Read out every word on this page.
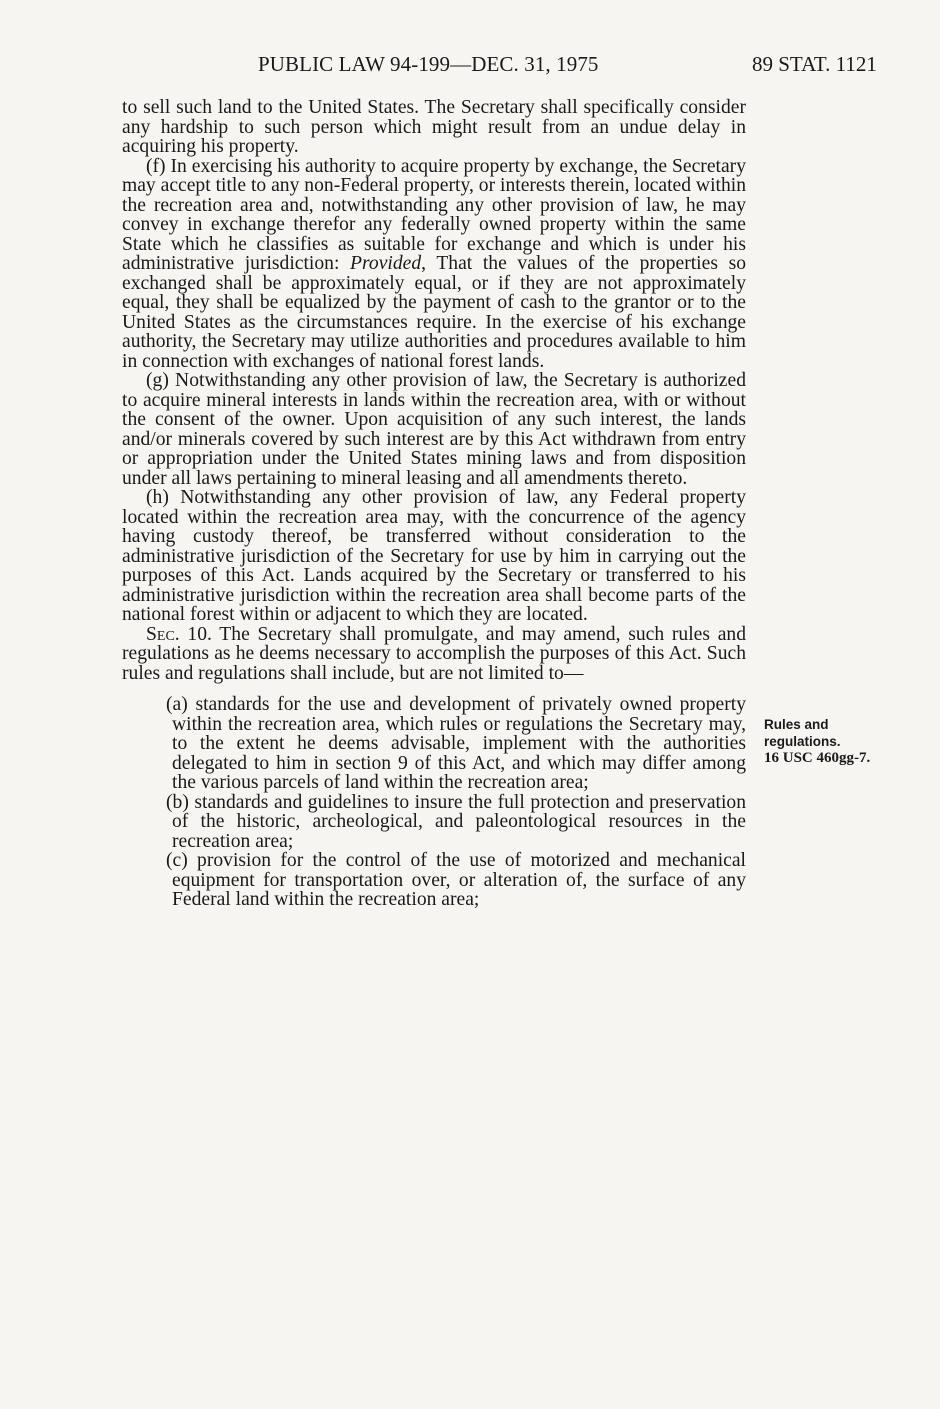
PUBLIC LAW 94-199—DEC. 31, 1975	89 STAT. 1121

to sell such land to the United States. The Secretary shall specifically consider any hardship to such person which might result from an undue delay in acquiring his property.

(f) In exercising his authority to acquire property by exchange, the Secretary may accept title to any non-Federal property, or interests therein, located within the recreation area and, notwithstanding any other provision of law, he may convey in exchange therefor any federally owned property within the same State which he classifies as suitable for exchange and which is under his administrative jurisdiction: Provided, That the values of the properties so exchanged shall be approximately equal, or if they are not approximately equal, they shall be equalized by the payment of cash to the grantor or to the United States as the circumstances require. In the exercise of his exchange authority, the Secretary may utilize authorities and procedures available to him in connection with exchanges of national forest lands.

(g) Notwithstanding any other provision of law, the Secretary is authorized to acquire mineral interests in lands within the recreation area, with or without the consent of the owner. Upon acquisition of any such interest, the lands and/or minerals covered by such interest are by this Act withdrawn from entry or appropriation under the United States mining laws and from disposition under all laws pertaining to mineral leasing and all amendments thereto.

(h) Notwithstanding any other provision of law, any Federal property located within the recreation area may, with the concurrence of the agency having custody thereof, be transferred without consideration to the administrative jurisdiction of the Secretary for use by him in carrying out the purposes of this Act. Lands acquired by the Secretary or transferred to his administrative jurisdiction within the recreation area shall become parts of the national forest within or adjacent to which they are located.

Sec. 10. The Secretary shall promulgate, and may amend, such rules and regulations as he deems necessary to accomplish the purposes of this Act. Such rules and regulations shall include, but are not limited to—

(a) standards for the use and development of privately owned property within the recreation area, which rules or regulations the Secretary may, to the extent he deems advisable, implement with the authorities delegated to him in section 9 of this Act, and which may differ among the various parcels of land within the recreation area;

(b) standards and guidelines to insure the full protection and preservation of the historic, archeological, and paleontological resources in the recreation area;

(c) provision for the control of the use of motorized and mechanical equipment for transportation over, or alteration of, the surface of any Federal land within the recreation area;

Rules and
regulations.
16 USC 460gg-7.
